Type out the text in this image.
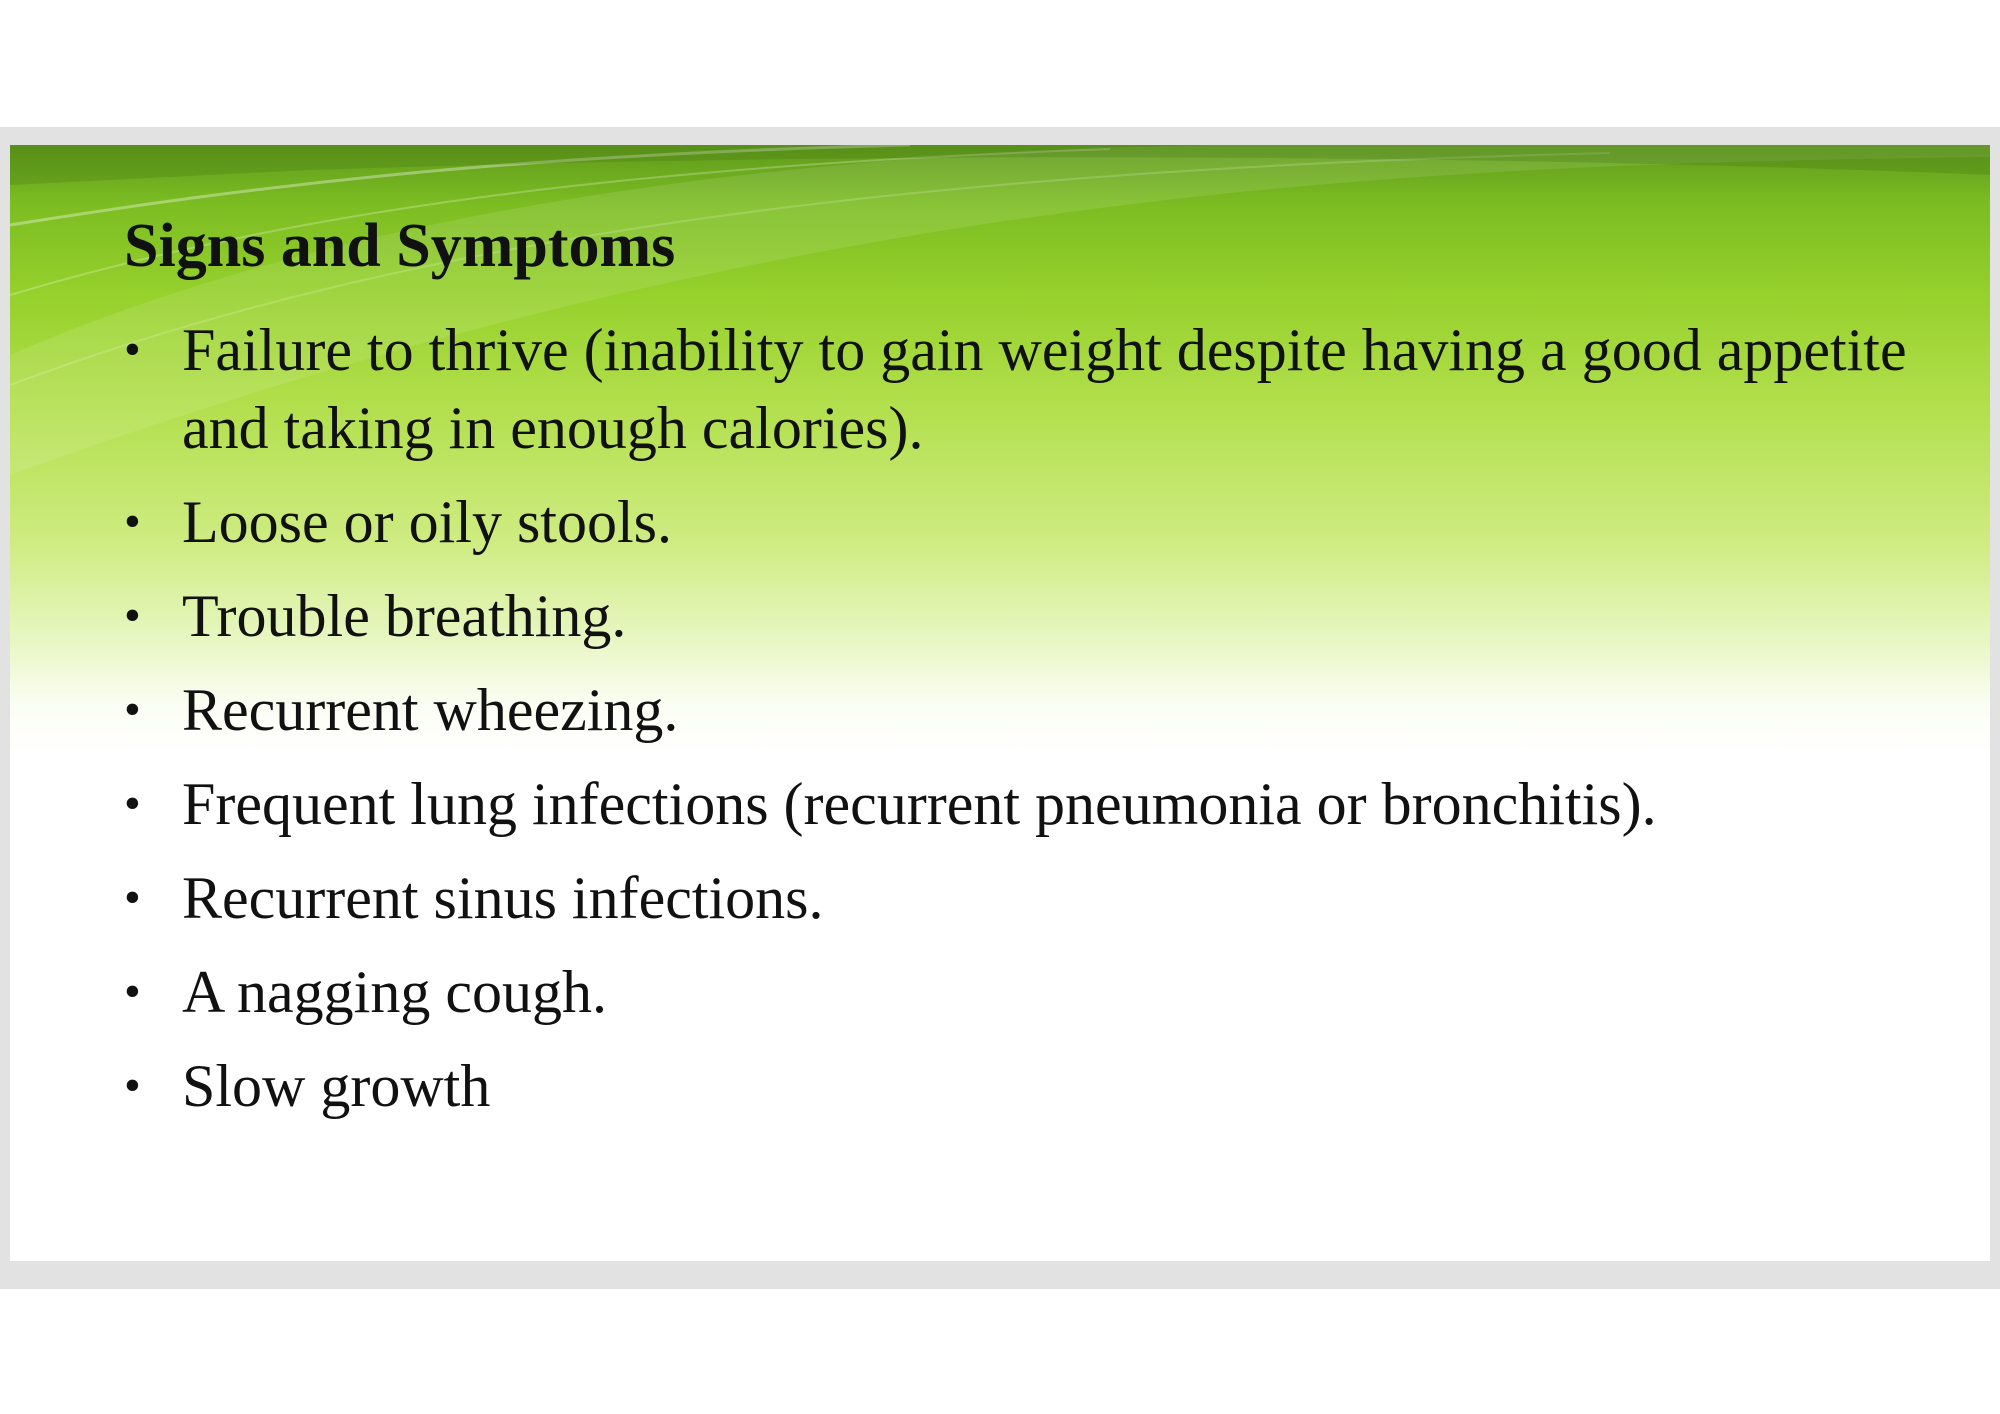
Signs and Symptoms
• Failure to thrive (inability to gain weight despite having a good appetite and taking in enough calories).
• Loose or oily stools.
• Trouble breathing.
• Recurrent wheezing.
• Frequent lung infections (recurrent pneumonia or bronchitis).
• Recurrent sinus infections.
• A nagging cough.
• Slow growth
